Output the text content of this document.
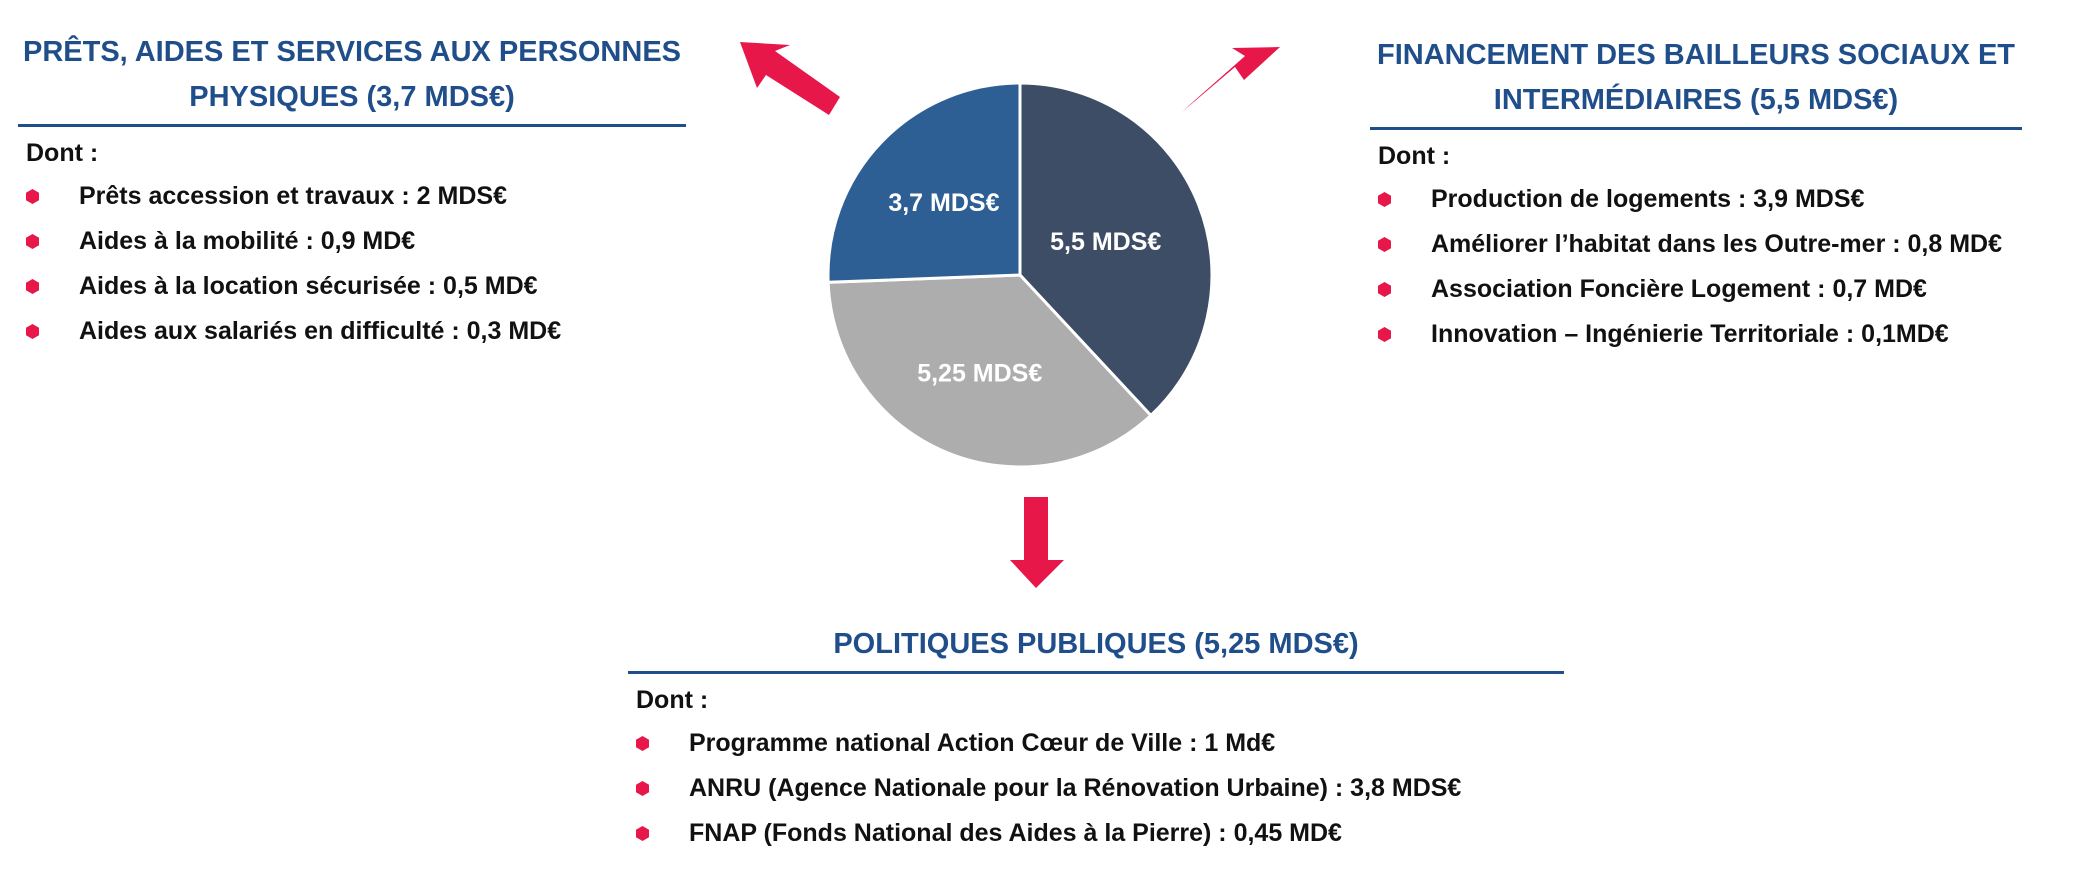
5,5 MDS€
5,25 MDS€
3,7 MDS€
PRÊTS, AIDES ET SERVICES AUX PERSONNES
PHYSIQUES (3,7 MDS€)
Dont :
Prêts accession et travaux : 2 MDS€
Aides à la mobilité : 0,9 MD€
Aides à la location sécurisée : 0,5 MD€
Aides aux salariés en difficulté : 0,3 MD€
FINANCEMENT DES BAILLEURS SOCIAUX ET
INTERMÉDIAIRES (5,5 MDS€)
Dont :
Production de logements : 3,9 MDS€
Améliorer l’habitat dans les Outre-mer : 0,8 MD€
Association Foncière Logement : 0,7 MD€
Innovation – Ingénierie Territoriale : 0,1MD€
POLITIQUES PUBLIQUES (5,25 MDS€)
Dont :
Programme national Action Cœur de Ville : 1 Md€
ANRU (Agence Nationale pour la Rénovation Urbaine) : 3,8 MDS€
FNAP (Fonds National des Aides à la Pierre) : 0,45 MD€
